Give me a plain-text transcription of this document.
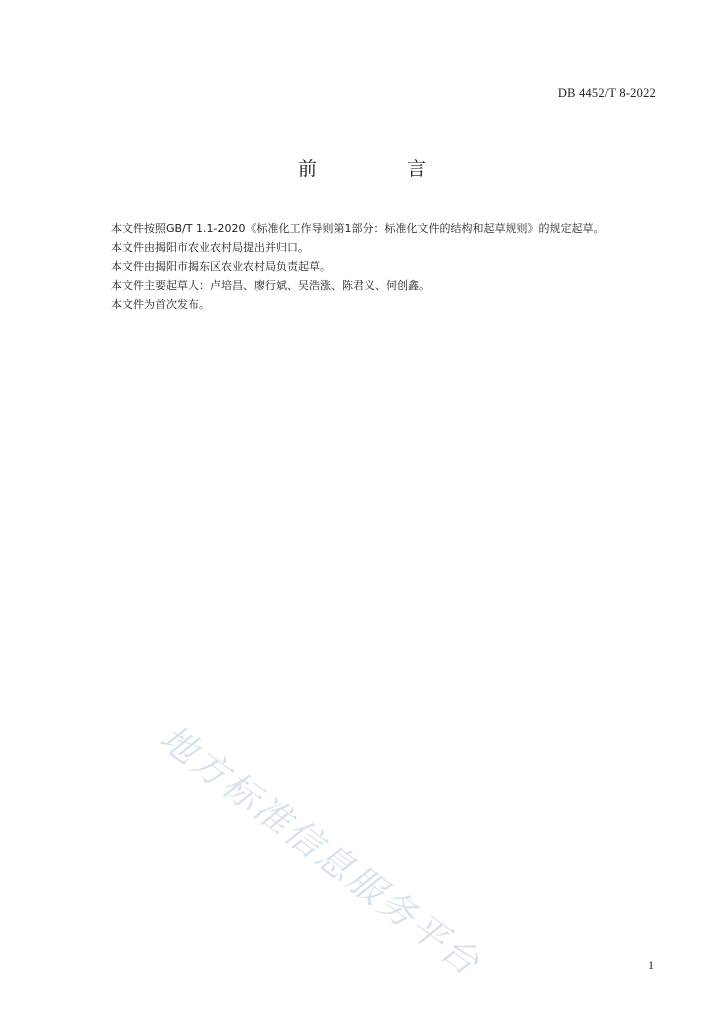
DB 4452/T 8-2022
前 言

本文件按照GB/T 1.1-2020《标准化工作导则第1部分：标准化文件的结构和起草规则》的规定起草。

本文件由揭阳市农业农村局提出并归口。

本文件由揭阳市揭东区农业农村局负责起草。

本文件主要起草人：卢培昌、廖行斌、吴浩涨、陈君义、何创鑫。

本文件为首次发布。

地方标准信息服务平台	1
